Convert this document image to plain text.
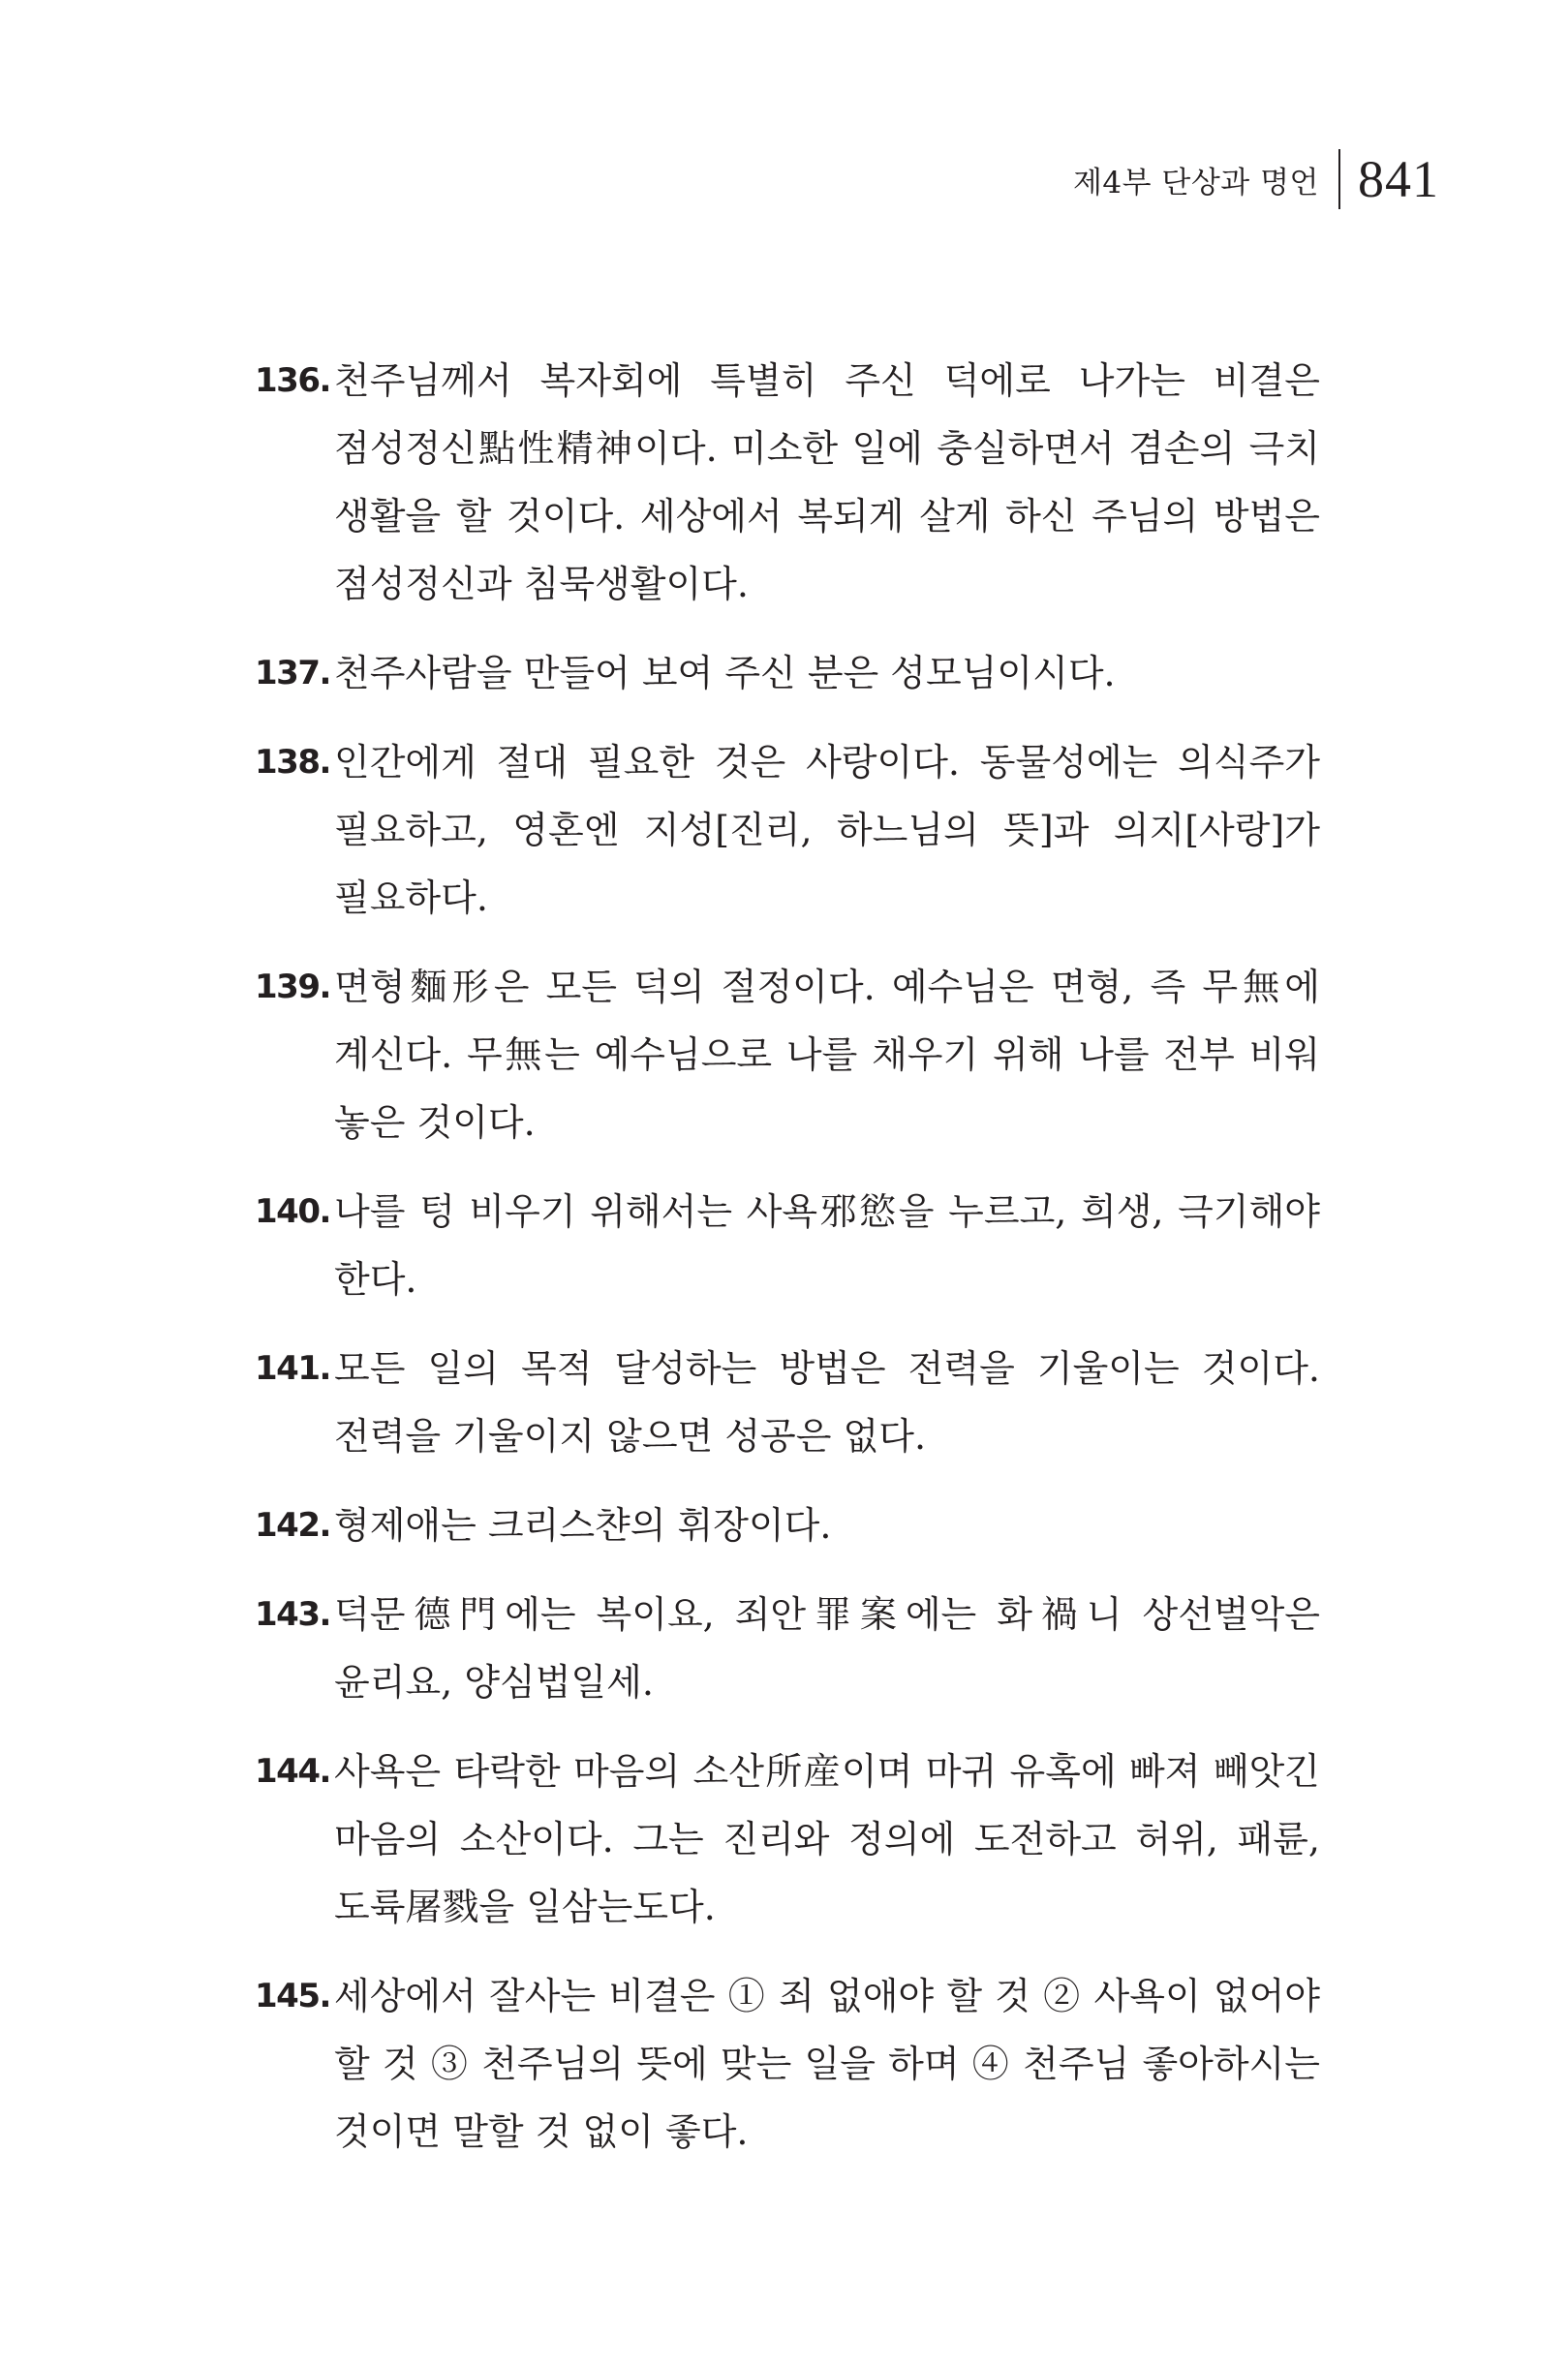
제4부 단상과 명언 841
136. 천주님께서 복자회에 특별히 주신 덕에로 나가는 비결은 점성정신點性精神이다. 미소한 일에 충실하면서 겸손의 극치 생활을 할 것이다. 세상에서 복되게 살게 하신 주님의 방법은 점성정신과 침묵생활이다.
137. 천주사람을 만들어 보여 주신 분은 성모님이시다.
138. 인간에게 절대 필요한 것은 사랑이다. 동물성에는 의식주가 필요하고, 영혼엔 지성[진리, 하느님의 뜻]과 의지[사랑]가 필요하다.
139. 면형麵形은 모든 덕의 절정이다. 예수님은 면형, 즉 무無에 계신다. 무無는 예수님으로 나를 채우기 위해 나를 전부 비워 놓은 것이다.
140. 나를 텅 비우기 위해서는 사욕邪慾을 누르고, 희생, 극기해야 한다.
141. 모든 일의 목적 달성하는 방법은 전력을 기울이는 것이다. 전력을 기울이지 않으면 성공은 없다.
142. 형제애는 크리스챤의 휘장이다.
143. 덕문德門에는 복이요, 죄안罪案에는 화禍니 상선벌악은 윤리요, 양심법일세.
144. 사욕은 타락한 마음의 소산所産이며 마귀 유혹에 빠져 빼앗긴 마음의 소산이다. 그는 진리와 정의에 도전하고 허위, 패륜, 도륙屠戮을 일삼는도다.
145. 세상에서 잘사는 비결은 ① 죄 없애야 할 것 ② 사욕이 없어야 할 것 ③ 천주님의 뜻에 맞는 일을 하며 ④ 천주님 좋아하시는 것이면 말할 것 없이 좋다.
